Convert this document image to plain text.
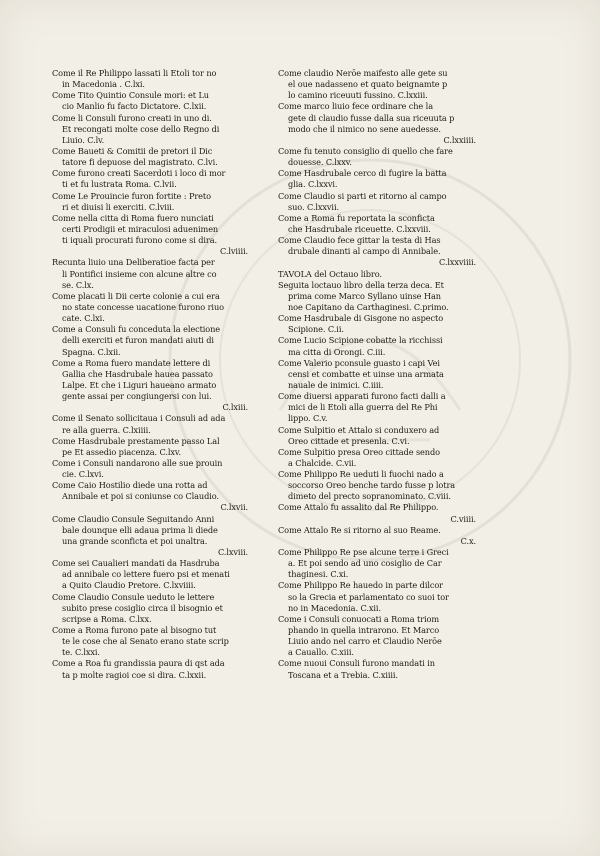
Come il Re Philippo lassati li Etoli tor no
in Macedonia . C.lxi.
Come Tito Quintio Consule mori: et Lu
cio Manlio fu facto Dictatore. C.lxii.
Come li Consuli furono creati in uno di.
Et recongati molte cose dello Regno di
Liuio. C.lv.
Come Baueti & Comitii de pretori il Dic
tatore fi depuose del magistrato. C.lvi.
Come furono creati Sacerdoti i loco di mor
ti et fu lustrata Roma. C.lvii.
Come Le Prouincie furon fortite : Preto
ri et diuisi li exerciti. C.lviii.
Come nella citta di Roma fuero nunciati
certi Prodigii et miraculosi aduenimen
ti iquali procurati furono come si dira.
C.lviiii.
Recunta liuio una Deliberatioe facta per
li Pontifici insieme con alcune altre co
se. C.lx.
Come placati li Dii certe colonie a cui era
no state concesse uacatione furono riuo
cate. C.lxi.
Come a Consuli fu conceduta la electione
delli exerciti et furon mandati aiuti di
Spagna. C.lxii.
Come a Roma fuero mandate lettere di
Gallia che Hasdrubale hauea passato
Lalpe. Et che i Liguri haueano armato
gente assai per congiungersi con lui.
C.lxiii.
Come il Senato sollicitaua i Consuli ad ada
re alla guerra. C.lxiiii.
Come Hasdrubale prestamente passo Lal
pe Et assedio piacenza. C.lxv.
Come i Consuli nandarono alle sue prouin
cie. C.lxvi.
Come Caio Hostilio diede una rotta ad
Annibale et poi si coniunse co Claudio.
C.lxvii.
Come Claudio Consule Seguitando Anni
bale dounque elli adaua prima li diede
una grande sconficta et poi unaltra.
C.lxviii.
Come sei Caualieri mandati da Hasdruba
ad annibale co lettere fuero psi et menati
a Quito Claudio Pretore. C.lxviiii.
Come Claudio Consule ueduto le lettere
subito prese cosiglio circa il bisognio et
scripse a Roma. C.lxx.
Come a Roma furono pate al bisogno tut
te le cose che al Senato erano state scrip
te. C.lxxi.
Come a Roa fu grandissia paura di qst ada
ta p molte ragioi coe si dira. C.lxxii.
Come claudio Nerōe maifesto alle gete su
el oue nadasseno et quato beignamte p
lo camino riceuuti fussino. C.lxxiii.
Come marco liuio fece ordinare che la
gete di claudio fusse dalla sua riceuuta p
modo che il nimico no sene auedesse.
C.lxxiiii.
Come fu tenuto consiglio di quello che fare
douesse. C.lxxv.
Come Hasdrubale cerco di fugire la batta
glia. C.lxxvi.
Come Claudio si parti et ritorno al campo
suo. C.lxxvii.
Come a Roma fu reportata la sconficta
che Hasdrubale riceuette. C.lxxviii.
Come Claudio fece gittar la testa di Has
drubale dinanti al campo di Annibale.
C.lxxviiii.
TAVOLA del Octauo libro.
Seguita loctauo libro della terza deca. Et
prima come Marco Syllano uinse Han
noe Capitano da Carthaginesi. C.primo.
Come Hasdrubale di Gisgone no aspecto
Scipione. C.ii.
Come Lucio Scipione cobatte la ricchissi
ma citta di Orongi. C.iii.
Come Valerio pconsule guasto i capi Vei
censi et combatte et uinse una armata
nauale de inimici. C.iiii.
Come diuersi apparati furono facti dalli a
mici de li Etoli alla guerra del Re Phi
lippo. C.v.
Come Sulpitio et Attalo si conduxero ad
Oreo cittade et presenla. C.vi.
Come Sulpitio presa Oreo cittade sendo
a Chalcide. C.vii.
Come Philippo Re ueduti li fuochi nado a
soccorso Oreo benche tardo fusse p lotra
dimeto del precto sopranominato. C.viii.
Come Attalo fu assalito dal Re Philippo.
C.viiii.
Come Attalo Re si ritorno al suo Reame.
C.x.
Come Philippo Re pse alcune terre i Greci
a. Et poi sendo ad uno cosiglio de Car
thaginesi. C.xi.
Come Philippo Re hauedo in parte dilcor
so la Grecia et parlamentato co suoi tor
no in Macedonia. C.xii.
Come i Consuli conuocati a Roma triom
phando in quella intrarono. Et Marco
Liuio ando nel carro et Claudio Nerōe
a Cauallo. C.xiii.
Come nuoui Consuli furono mandati in
Toscana et a Trebia. C.xiiii.
